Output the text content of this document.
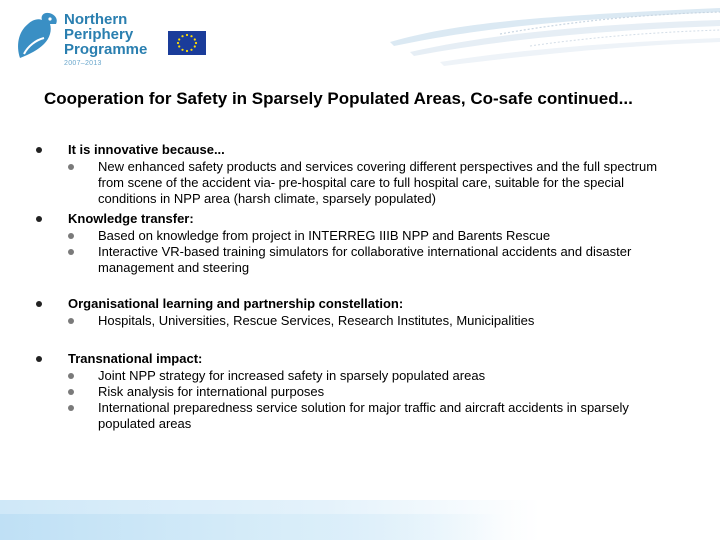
Northern
Periphery
Programme
2007–2013
Cooperation for Safety in Sparsely Populated Areas, Co-safe continued...
It is innovative because...
New enhanced safety products and services covering different perspectives and the full spectrum from scene of the accident via- pre-hospital care to full hospital care, suitable for the special conditions in NPP area (harsh climate, sparsely populated)
Knowledge transfer:
Based on knowledge from project in INTERREG IIIB NPP and Barents Rescue
Interactive VR-based training simulators for collaborative international accidents and disaster management and steering
Organisational learning and partnership constellation:
Hospitals, Universities, Rescue Services, Research Institutes, Municipalities
Transnational impact:
Joint NPP strategy for increased safety in sparsely populated areas
Risk analysis for international purposes
International preparedness service solution for major traffic and aircraft accidents in sparsely populated areas
